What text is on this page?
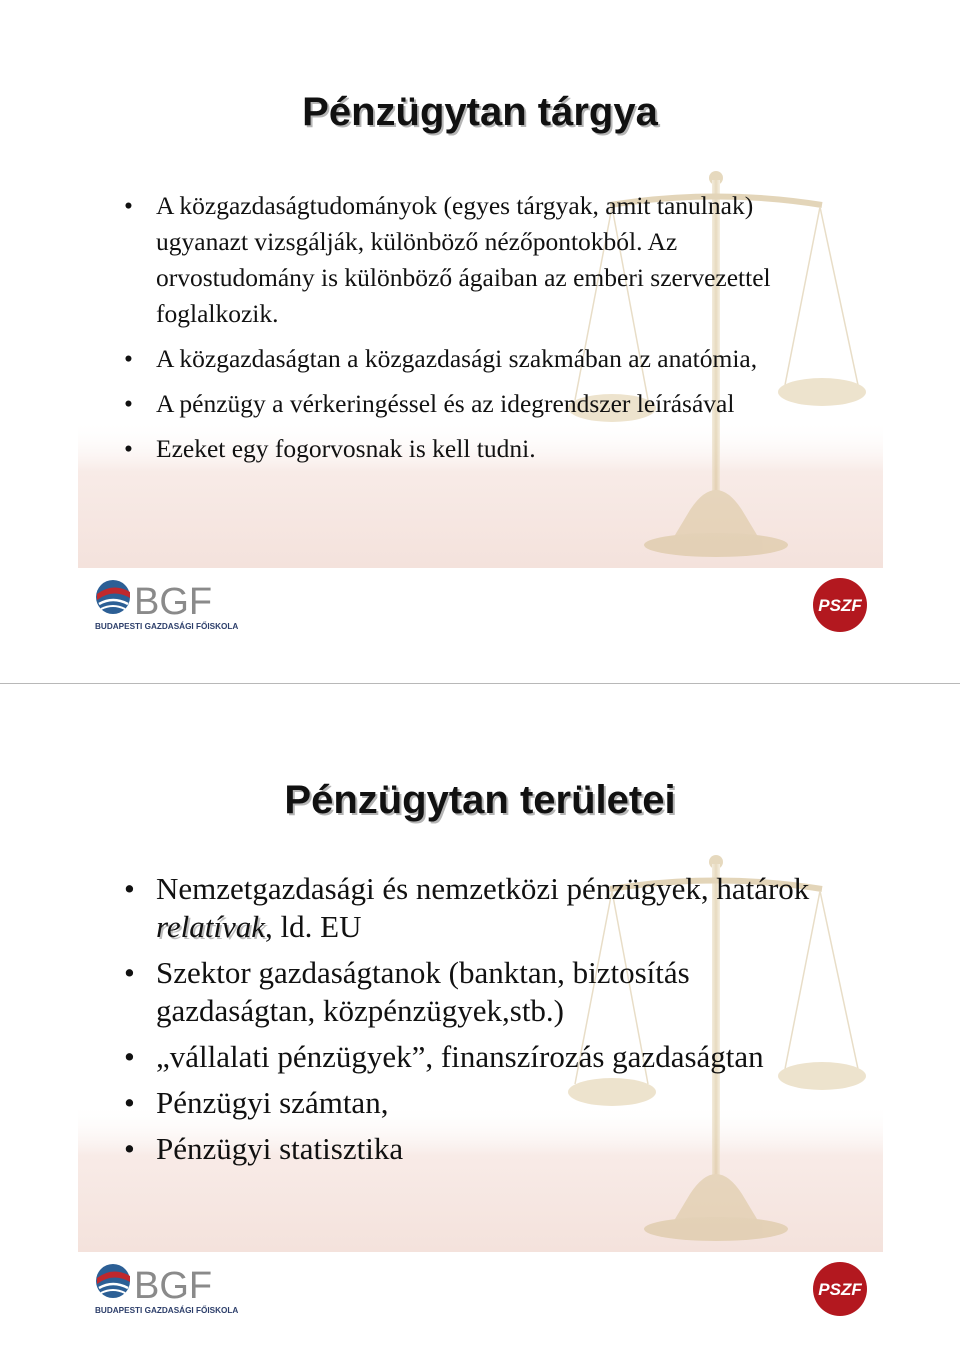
Pénzügytan tárgya
• A közgazdaságtudományok (egyes tárgyak, amit tanulnak) ugyanazt vizsgálják, különböző nézőpontokból. Az orvostudomány is különböző ágaiban az emberi szervezettel foglalkozik.
• A közgazdaságtan a közgazdasági szakmában az anatómia,
• A pénzügy a vérkeringéssel és az idegrendszer leírásával
• Ezeket egy fogorvosnak is kell tudni.
BGF
BUDAPESTI GAZDASÁGI FŐISKOLA
PSZF
Pénzügytan területei
• Nemzetgazdasági és nemzetközi pénzügyek, határok relatívak, ld. EU
• Szektor gazdaságtanok (banktan, biztosítás gazdaságtan, közpénzügyek,stb.)
• „vállalati pénzügyek”, finanszírozás gazdaságtan
• Pénzügyi számtan,
• Pénzügyi statisztika
BGF
BUDAPESTI GAZDASÁGI FŐISKOLA
PSZF
